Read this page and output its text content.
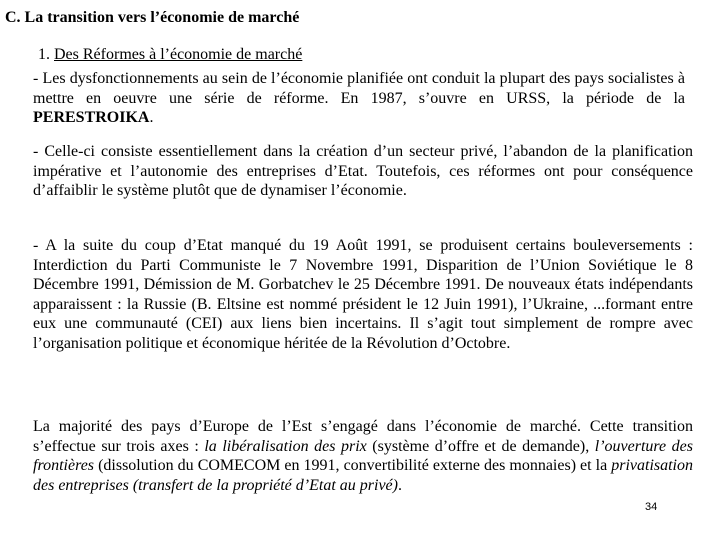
C. La transition vers l’économie de marché
1. Des Réformes à l’économie de marché
- Les dysfonctionnements au sein de l’économie planifiée ont conduit la plupart des pays socialistes à mettre en oeuvre une série de réforme. En 1987, s’ouvre en URSS, la période de la PERESTROIKA.
- Celle-ci consiste essentiellement dans la création d’un secteur privé, l’abandon de la planification impérative et l’autonomie des entreprises d’Etat. Toutefois, ces réformes ont pour conséquence d’affaiblir le système plutôt que de dynamiser l’économie.
- A la suite du coup d’Etat manqué du 19 Août 1991, se produisent certains bouleversements : Interdiction du Parti Communiste le 7 Novembre 1991, Disparition de l’Union Soviétique le 8 Décembre 1991, Démission de M. Gorbatchev le 25 Décembre 1991. De nouveaux états indépendants apparaissent : la Russie (B. Eltsine est nommé président le 12 Juin 1991), l’Ukraine, ...formant entre eux une communauté (CEI) aux liens bien incertains. Il s’agit tout simplement de rompre avec l’organisation politique et économique héritée de la Révolution d’Octobre.
La majorité des pays d’Europe de l’Est s’engagé dans l’économie de marché. Cette transition s’effectue sur trois axes : la libéralisation des prix (système d’offre et de demande), l’ouverture des frontières (dissolution du COMECOM en 1991, convertibilité externe des monnaies) et la privatisation des entreprises (transfert de la propriété d’Etat au privé).
34
